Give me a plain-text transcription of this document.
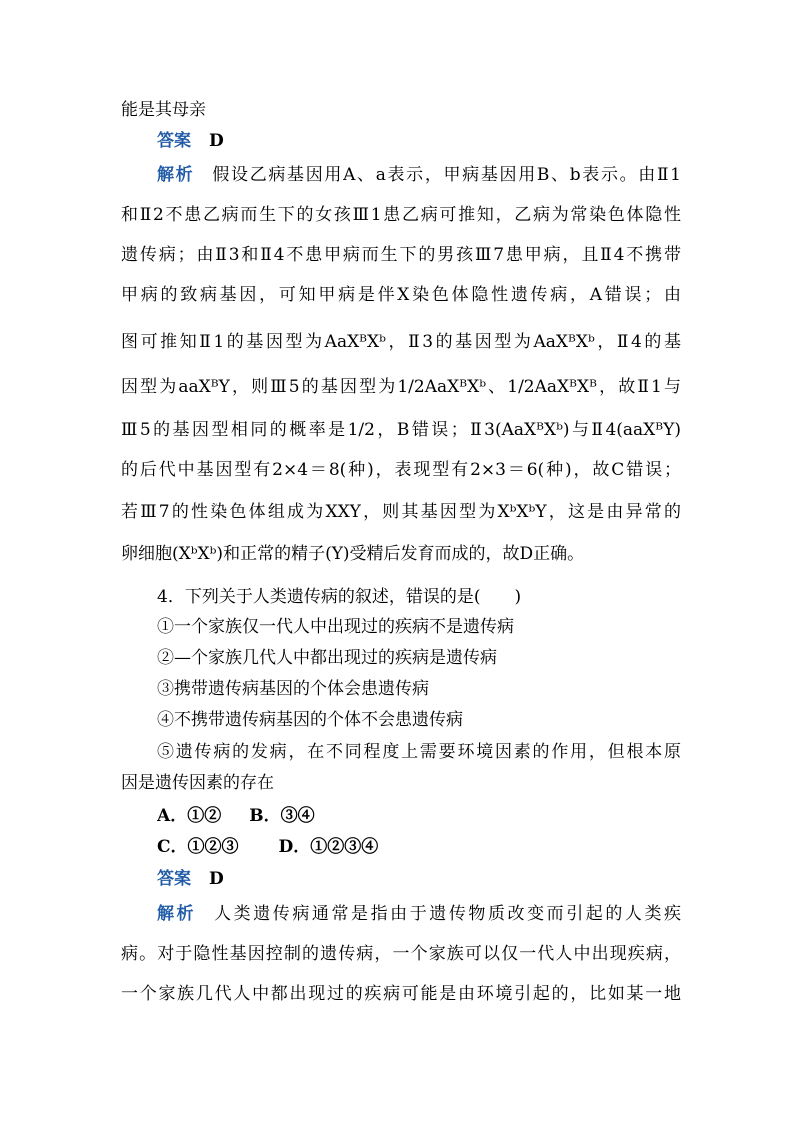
能是其母亲
答案 D
解析 假设乙病基因用A、a表示，甲病基因用B、b表示。由Ⅱ1
和Ⅱ2不患乙病而生下的女孩Ⅲ1患乙病可推知，乙病为常染色体隐性
遗传病；由Ⅱ3和Ⅱ4不患甲病而生下的男孩Ⅲ7患甲病，且Ⅱ4不携带
甲病的致病基因，可知甲病是伴X染色体隐性遗传病，A错误；由
图可推知Ⅱ1的基因型为AaXᴮXᵇ，Ⅱ3的基因型为AaXᴮXᵇ，Ⅱ4的基
因型为aaXᴮY，则Ⅲ5的基因型为1/2AaXᴮXᵇ、1/2AaXᴮXᴮ，故Ⅱ1与
Ⅲ5的基因型相同的概率是1/2，B错误；Ⅱ3(AaXᴮXᵇ)与Ⅱ4(aaXᴮY)
的后代中基因型有2×4＝8(种)，表现型有2×3＝6(种)，故C错误；
若Ⅲ7的性染色体组成为XXY，则其基因型为XᵇXᵇY，这是由异常的
卵细胞(XᵇXᵇ)和正常的精子(Y)受精后发育而成的，故D正确。
4．下列关于人类遗传病的叙述，错误的是(　　)
①一个家族仅一代人中出现过的疾病不是遗传病
②—个家族几代人中都出现过的疾病是遗传病
③携带遗传病基因的个体会患遗传病
④不携带遗传病基因的个体不会患遗传病
⑤遗传病的发病，在不同程度上需要环境因素的作用，但根本原
因是遗传因素的存在
A．①② B．③④
C．①②③ D．①②③④
答案 D
解析 人类遗传病通常是指由于遗传物质改变而引起的人类疾
病。对于隐性基因控制的遗传病，一个家族可以仅一代人中出现疾病，
一个家族几代人中都出现过的疾病可能是由环境引起的，比如某一地
